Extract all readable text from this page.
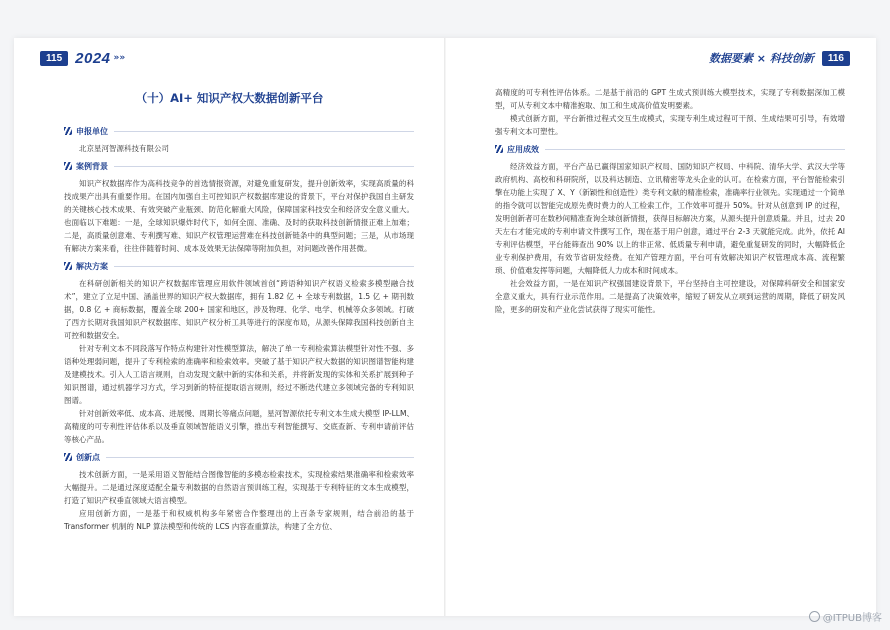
115 2024 »»
（十）AI+ 知识产权大数据创新平台
申报单位

北京星河智源科技有限公司

案例背景

知识产权数据库作为高科技竞争的首选情报资源，对避免重复研发，提升创新效率，实现高质量的科技成果产出具有重要作用。在国内加强自主可控知识产权数据库建设的背景下，平台对保护我国自主研发的关键核心技术成果、有效突破产业瓶颈、防范化解重大风险，保障国家科技安全和经济安全意义重大。也面临以下难题：一是，全球知识爆炸时代下，如何全面、准确、及时的获取科技创新情报正难上加难；二是，高质量创意难、专利撰写难、知识产权管理运营难在科技创新链条中的典型问题；三是，从市场现有解决方案来看，往往伴随着时间、成本及效果无法保障等附加负担，对问题改善作用甚微。

解决方案

在科研创新相关的知识产权数据库管理应用软件领域首创“跨语种知识产权语义检索多模型融合技术”，建立了立足中国、涵盖世界的知识产权大数据库，拥有 1.82 亿 + 全球专利数据，1.5 亿 + 期刊数据，0.8 亿 + 商标数据，覆盖全球 200+ 国家和地区，涉及物理、化学、电学、机械等众多领域。打破了西方长期对我国知识产权数据库、知识产权分析工具等进行的深度布局，从源头保障我国科技创新自主可控和数据安全。

针对专利文本不同段落写作特点构建针对性模型算法，解决了单一专利检索算法模型针对性不强、多语种处理弱问题，提升了专利检索的准确率和检索效率。突破了基于知识产权大数据的知识图谱智能构建及建模技术。引入人工语言规则，自动发现文献中新的实体和关系，并将新发现的实体和关系扩展到种子知识图谱，通过机器学习方式，学习到新的特征提取语言规则，经过不断迭代建立多领域完备的专利知识图谱。

针对创新效率低、成本高、进展慢、周期长等痛点问题，星河智源依托专利文本生成大模型 IP-LLM、高精度的可专利性评估体系以及垂直领域智能语义引擎，推出专利智能撰写、交底查新、专利申请前评估等核心产品。

创新点

技术创新方面，一是采用语义智能结合图像智能的多模态检索技术，实现检索结果准确率和检索效率大幅提升。二是通过深度适配全量专利数据的自然语言预训练工程，实现基于专利特征的文本生成模型，打造了知识产权垂直领域大语言模型。

应用创新方面，一是基于和权威机构多年紧密合作整理出的上百条专家规则，结合前沿的基于 Transformer 机制的 NLP 算法模型和传统的 LCS 内容查重算法，构建了全方位、

数据要素 × 科技创新	116

高精度的可专利性评估体系。二是基于前沿的 GPT 生成式预训练大模型技术，实现了专利数据深加工模型，可从专利文本中精准抱取、加工和生成高价值发明要素。

模式创新方面，平台新推过程式交互生成模式，实现专利生成过程可干预、生成结果可引导，有效增强专利文本可塑性。

应用成效

经济效益方面，平台产品已赢得国家知识产权局、国防知识产权局、中科院、清华大学、武汉大学等政府机构、高校和科研院所，以及科达制造、立讯精密等龙头企业的认可。在检索方面，平台智能检索引擎在功能上实现了 X、Y（新颖性和创造性）类专利文献的精准检索，准确率行业领先。实现通过一个简单的指令就可以智能完成原先费时费力的人工检索工作，工作效率可提升 50%。针对从创意到 IP 的过程，发明创新者可在数秒间精准查询全球创新情报，获得目标解决方案，从源头提升创意质量。并且，过去 20 天左右才能完成的专利申请文件撰写工作，现在基于用户创意，通过平台 2-3 天就能完成。此外，依托 AI 专利评估模型，平台能筛查出 90% 以上的非正常、低质量专利申请，避免重复研发的同时，大幅降低企业专利保护费用，有效节省研发经费。在知产管理方面，平台可有效解决知识产权管理成本高、流程繁琐、价值难发挥等问题，大幅降低人力成本和时间成本。

社会效益方面，一是在知识产权强国建设背景下，平台坚持自主可控建设，对保障科研安全和国家安全意义重大，具有行业示范作用。二是提高了决策效率，缩短了研发从立项到运营的周期，降低了研发风险，更多的研发和产业化尝试获得了现实可能性。

@ITPUB博客
